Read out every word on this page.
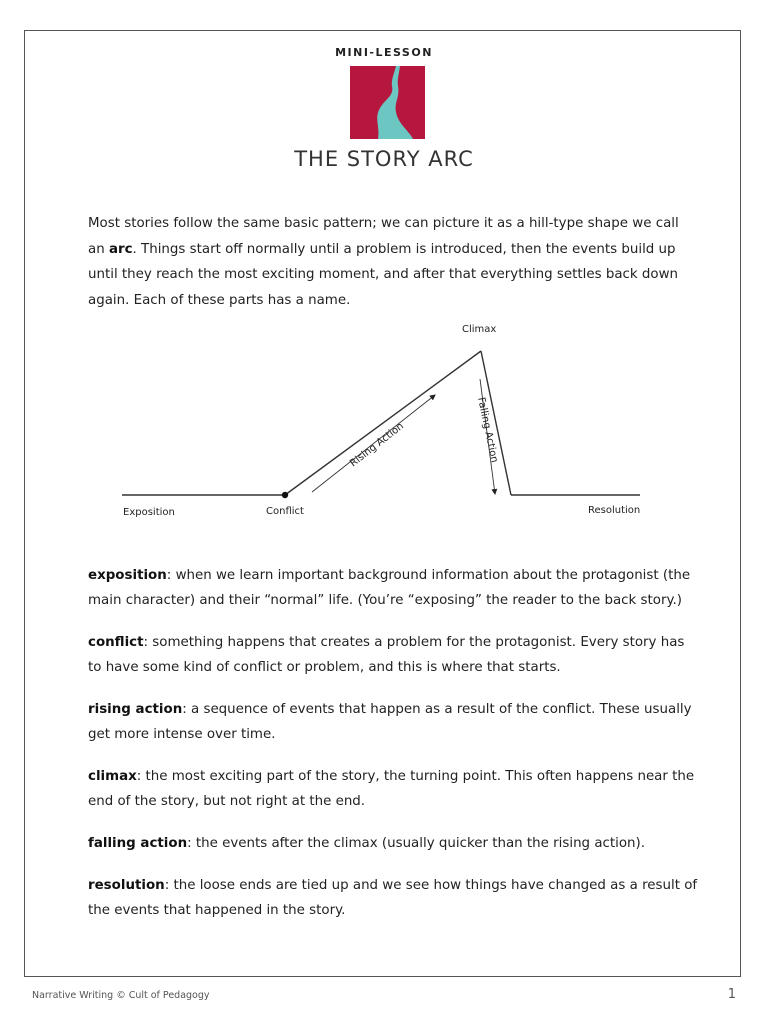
MINI-LESSON
THE STORY ARC

Most stories follow the same basic pattern; we can picture it as a hill-type shape we call an arc. Things start off normally until a problem is introduced, then the events build up until they reach the most exciting moment, and after that everything settles back down again. Each of these parts has a name.

Exposition	Conflict
Climax
Resolution
Rising Action	Falling Action

exposition: when we learn important background information about the protagonist (the main character) and their “normal” life. (You’re “exposing” the reader to the back story.)

conflict: something happens that creates a problem for the protagonist. Every story has to have some kind of conflict or problem, and this is where that starts.

rising action: a sequence of events that happen as a result of the conflict. These usually get more intense over time.

climax: the most exciting part of the story, the turning point. This often happens near the end of the story, but not right at the end.

falling action: the events after the climax (usually quicker than the rising action).

resolution: the loose ends are tied up and we see how things have changed as a result of the events that happened in the story.

Narrative Writing © Cult of Pedagogy	1
